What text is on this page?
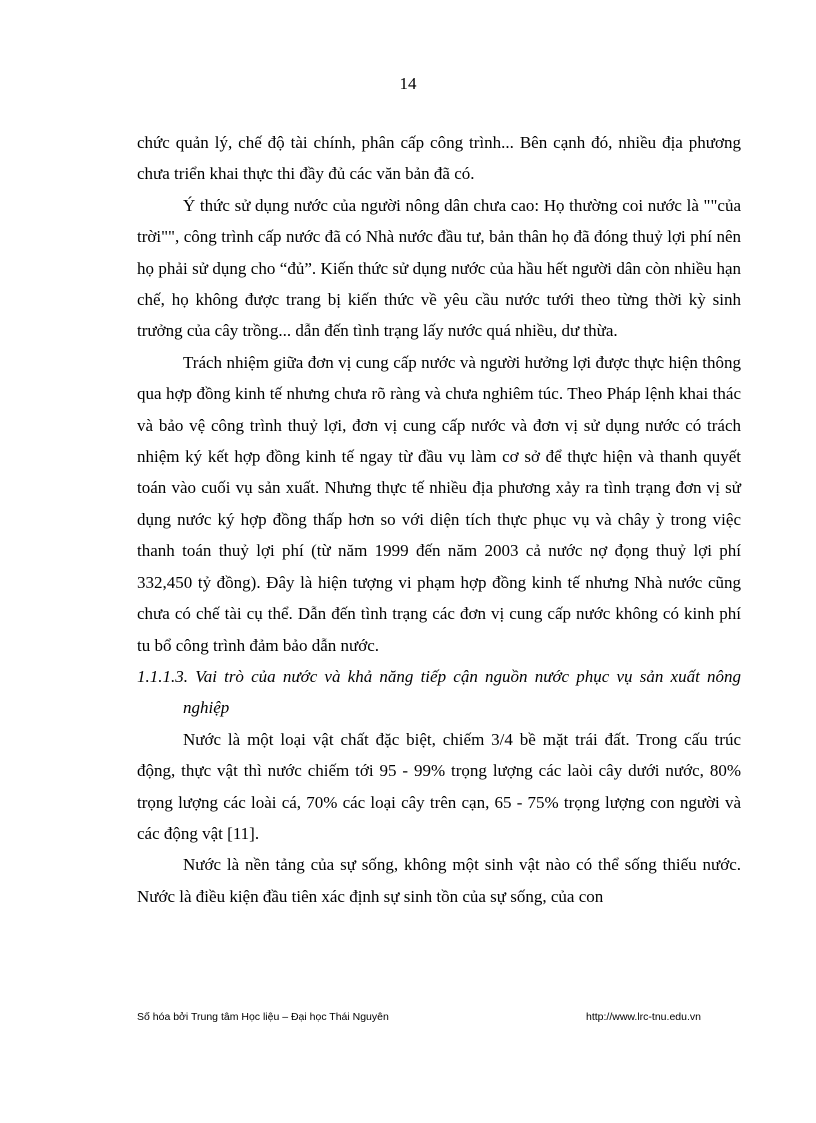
14

chức quản lý, chế độ tài chính, phân cấp công trình... Bên cạnh đó, nhiều địa phương chưa triển khai thực thi đầy đủ các văn bản đã có.

Ý thức sử dụng nước của người nông dân chưa cao: Họ thường coi nước là ""của trời"", công trình cấp nước đã có Nhà nước đầu tư, bản thân họ đã đóng thuỷ lợi phí nên họ phải sử dụng cho “đủ”. Kiến thức sử dụng nước của hầu hết người dân còn nhiều hạn chế, họ không được trang bị kiến thức về yêu cầu nước tưới theo từng thời kỳ sinh trưởng của cây trồng... dẫn đến tình trạng lấy nước quá nhiều, dư thừa.

Trách nhiệm giữa đơn vị cung cấp nước và người hưởng lợi được thực hiện thông qua hợp đồng kinh tế nhưng chưa rõ ràng và chưa nghiêm túc. Theo Pháp lệnh khai thác và bảo vệ công trình thuỷ lợi, đơn vị cung cấp nước và đơn vị sử dụng nước có trách nhiệm ký kết hợp đồng kinh tế ngay từ đầu vụ làm cơ sở để thực hiện và thanh quyết toán vào cuối vụ sản xuất. Nhưng thực tế nhiều địa phương xảy ra tình trạng đơn vị sử dụng nước ký hợp đồng thấp hơn so với diện tích thực phục vụ và chây ỳ trong việc thanh toán thuỷ lợi phí (từ năm 1999 đến năm 2003 cả nước nợ đọng thuỷ lợi phí 332,450 tỷ đồng). Đây là hiện tượng vi phạm hợp đồng kinh tế nhưng Nhà nước cũng chưa có chế tài cụ thể. Dẫn đến tình trạng các đơn vị cung cấp nước không có kinh phí tu bổ công trình đảm bảo dẫn nước.

1.1.1.3. Vai trò của nước và khả năng tiếp cận nguồn nước phục vụ sản xuất nông nghiệp

Nước là một loại vật chất đặc biệt, chiếm 3/4 bề mặt trái đất. Trong cấu trúc động, thực vật thì nước chiếm tới 95 - 99% trọng lượng các laòi cây dưới nước, 80% trọng lượng các loài cá, 70% các loại cây trên cạn, 65 - 75% trọng lượng con người và các động vật [11].

Nước là nền tảng của sự sống, không một sinh vật nào có thể sống thiếu nước. Nước là điều kiện đầu tiên xác định sự sinh tồn của sự sống, của con

Số hóa bởi Trung tâm Học liệu – Đại học Thái Nguyên	http://www.lrc-tnu.edu.vn
